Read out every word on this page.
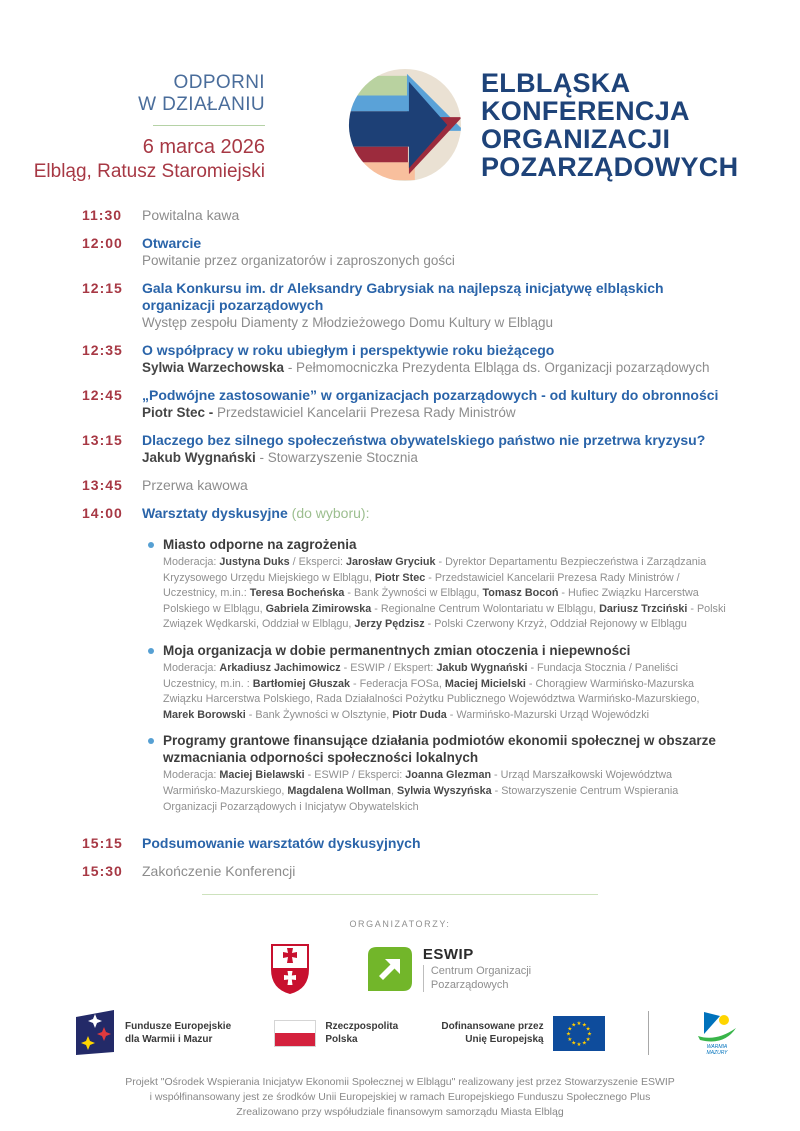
ODPORNI
W DZIAŁANIU
6 marca 2026
Elbląg, Ratusz Staromiejski
ELBLĄSKA
KONFERENCJA
ORGANIZACJI
POZARZĄDOWYCH
11:30	Powitalna kawa
12:00	Otwarcie
Powitanie przez organizatorów i zaproszonych gości
12:15	Gala Konkursu im. dr Aleksandry Gabrysiak na najlepszą inicjatywę elbląskich organizacji pozarządowych
Występ zespołu Diamenty z Młodzieżowego Domu Kultury w Elblągu
12:35	O współpracy w roku ubiegłym i perspektywie roku bieżącego
Sylwia Warzechowska - Pełmomocniczka Prezydenta Elbląga ds. Organizacji pozarządowych
12:45	„Podwójne zastosowanie” w organizacjach pozarządowych - od kultury do obronności
Piotr Stec - Przedstawiciel Kancelarii Prezesa Rady Ministrów
13:15	Dlaczego bez silnego społeczeństwa obywatelskiego państwo nie przetrwa kryzysu?
Jakub Wygnański - Stowarzyszenie Stocznia
13:45	Przerwa kawowa
14:00	Warsztaty dyskusyjne (do wyboru):
Miasto odporne na zagrożenia
Moderacja: Justyna Duks / Eksperci: Jarosław Gryciuk - Dyrektor Departamentu Bezpieczeństwa i Zarządzania Kryzysowego Urzędu Miejskiego w Elblągu, Piotr Stec - Przedstawiciel Kancelarii Prezesa Rady Ministrów / Uczestnicy, m.in.: Teresa Bocheńska - Bank Żywności w Elblągu, Tomasz Bocoń - Hufiec Związku Harcerstwa Polskiego w Elblągu, Gabriela Zimirowska - Regionalne Centrum Wolontariatu w Elblągu, Dariusz Trzciński - Polski Związek Wędkarski, Oddział w Elblągu, Jerzy Pędzisz - Polski Czerwony Krzyż, Oddział Rejonowy w Elblągu
Moja organizacja w dobie permanentnych zmian otoczenia i niepewności
Moderacja: Arkadiusz Jachimowicz - ESWIP / Ekspert: Jakub Wygnański - Fundacja Stocznia / Paneliści Uczestnicy, m.in. : Bartłomiej Głuszak - Federacja FOSa, Maciej Micielski - Chorągiew Warmińsko-Mazurska Związku Harcerstwa Polskiego, Rada Działalności Pożytku Publicznego Województwa Warmińsko-Mazurskiego, Marek Borowski - Bank Żywności w Olsztynie, Piotr Duda - Warmińsko-Mazurski Urząd Wojewódzki
Programy grantowe finansujące działania podmiotów ekonomii społecznej w obszarze wzmacniania odporności społeczności lokalnych
Moderacja: Maciej Bielawski - ESWIP / Eksperci: Joanna Glezman - Urząd Marszałkowski Województwa Warmińsko-Mazurskiego, Magdalena Wollman, Sylwia Wyszyńska - Stowarzyszenie Centrum Wspierania Organizacji Pozarządowych i Inicjatyw Obywatelskich
15:15	Podsumowanie warsztatów dyskusyjnych
15:30	Zakończenie Konferencji
ORGANIZATORZY:
ESWIP
Centrum Organizacji
Pozarządowych
Fundusze Europejskie
dla Warmii i Mazur
Rzeczpospolita
Polska
Dofinansowane przez
Unię Europejską
★ ★
★
★
★
★
★
★
★
★
★
★
WARMIA
MAZURY
Projekt "Ośrodek Wspierania Inicjatyw Ekonomii Społecznej w Elblągu" realizowany jest przez Stowarzyszenie ESWIP
i współfinansowany jest ze środków Unii Europejskiej w ramach Europejskiego Funduszu Społecznego Plus
Zrealizowano przy współudziale finansowym samorządu Miasta Elbląg
